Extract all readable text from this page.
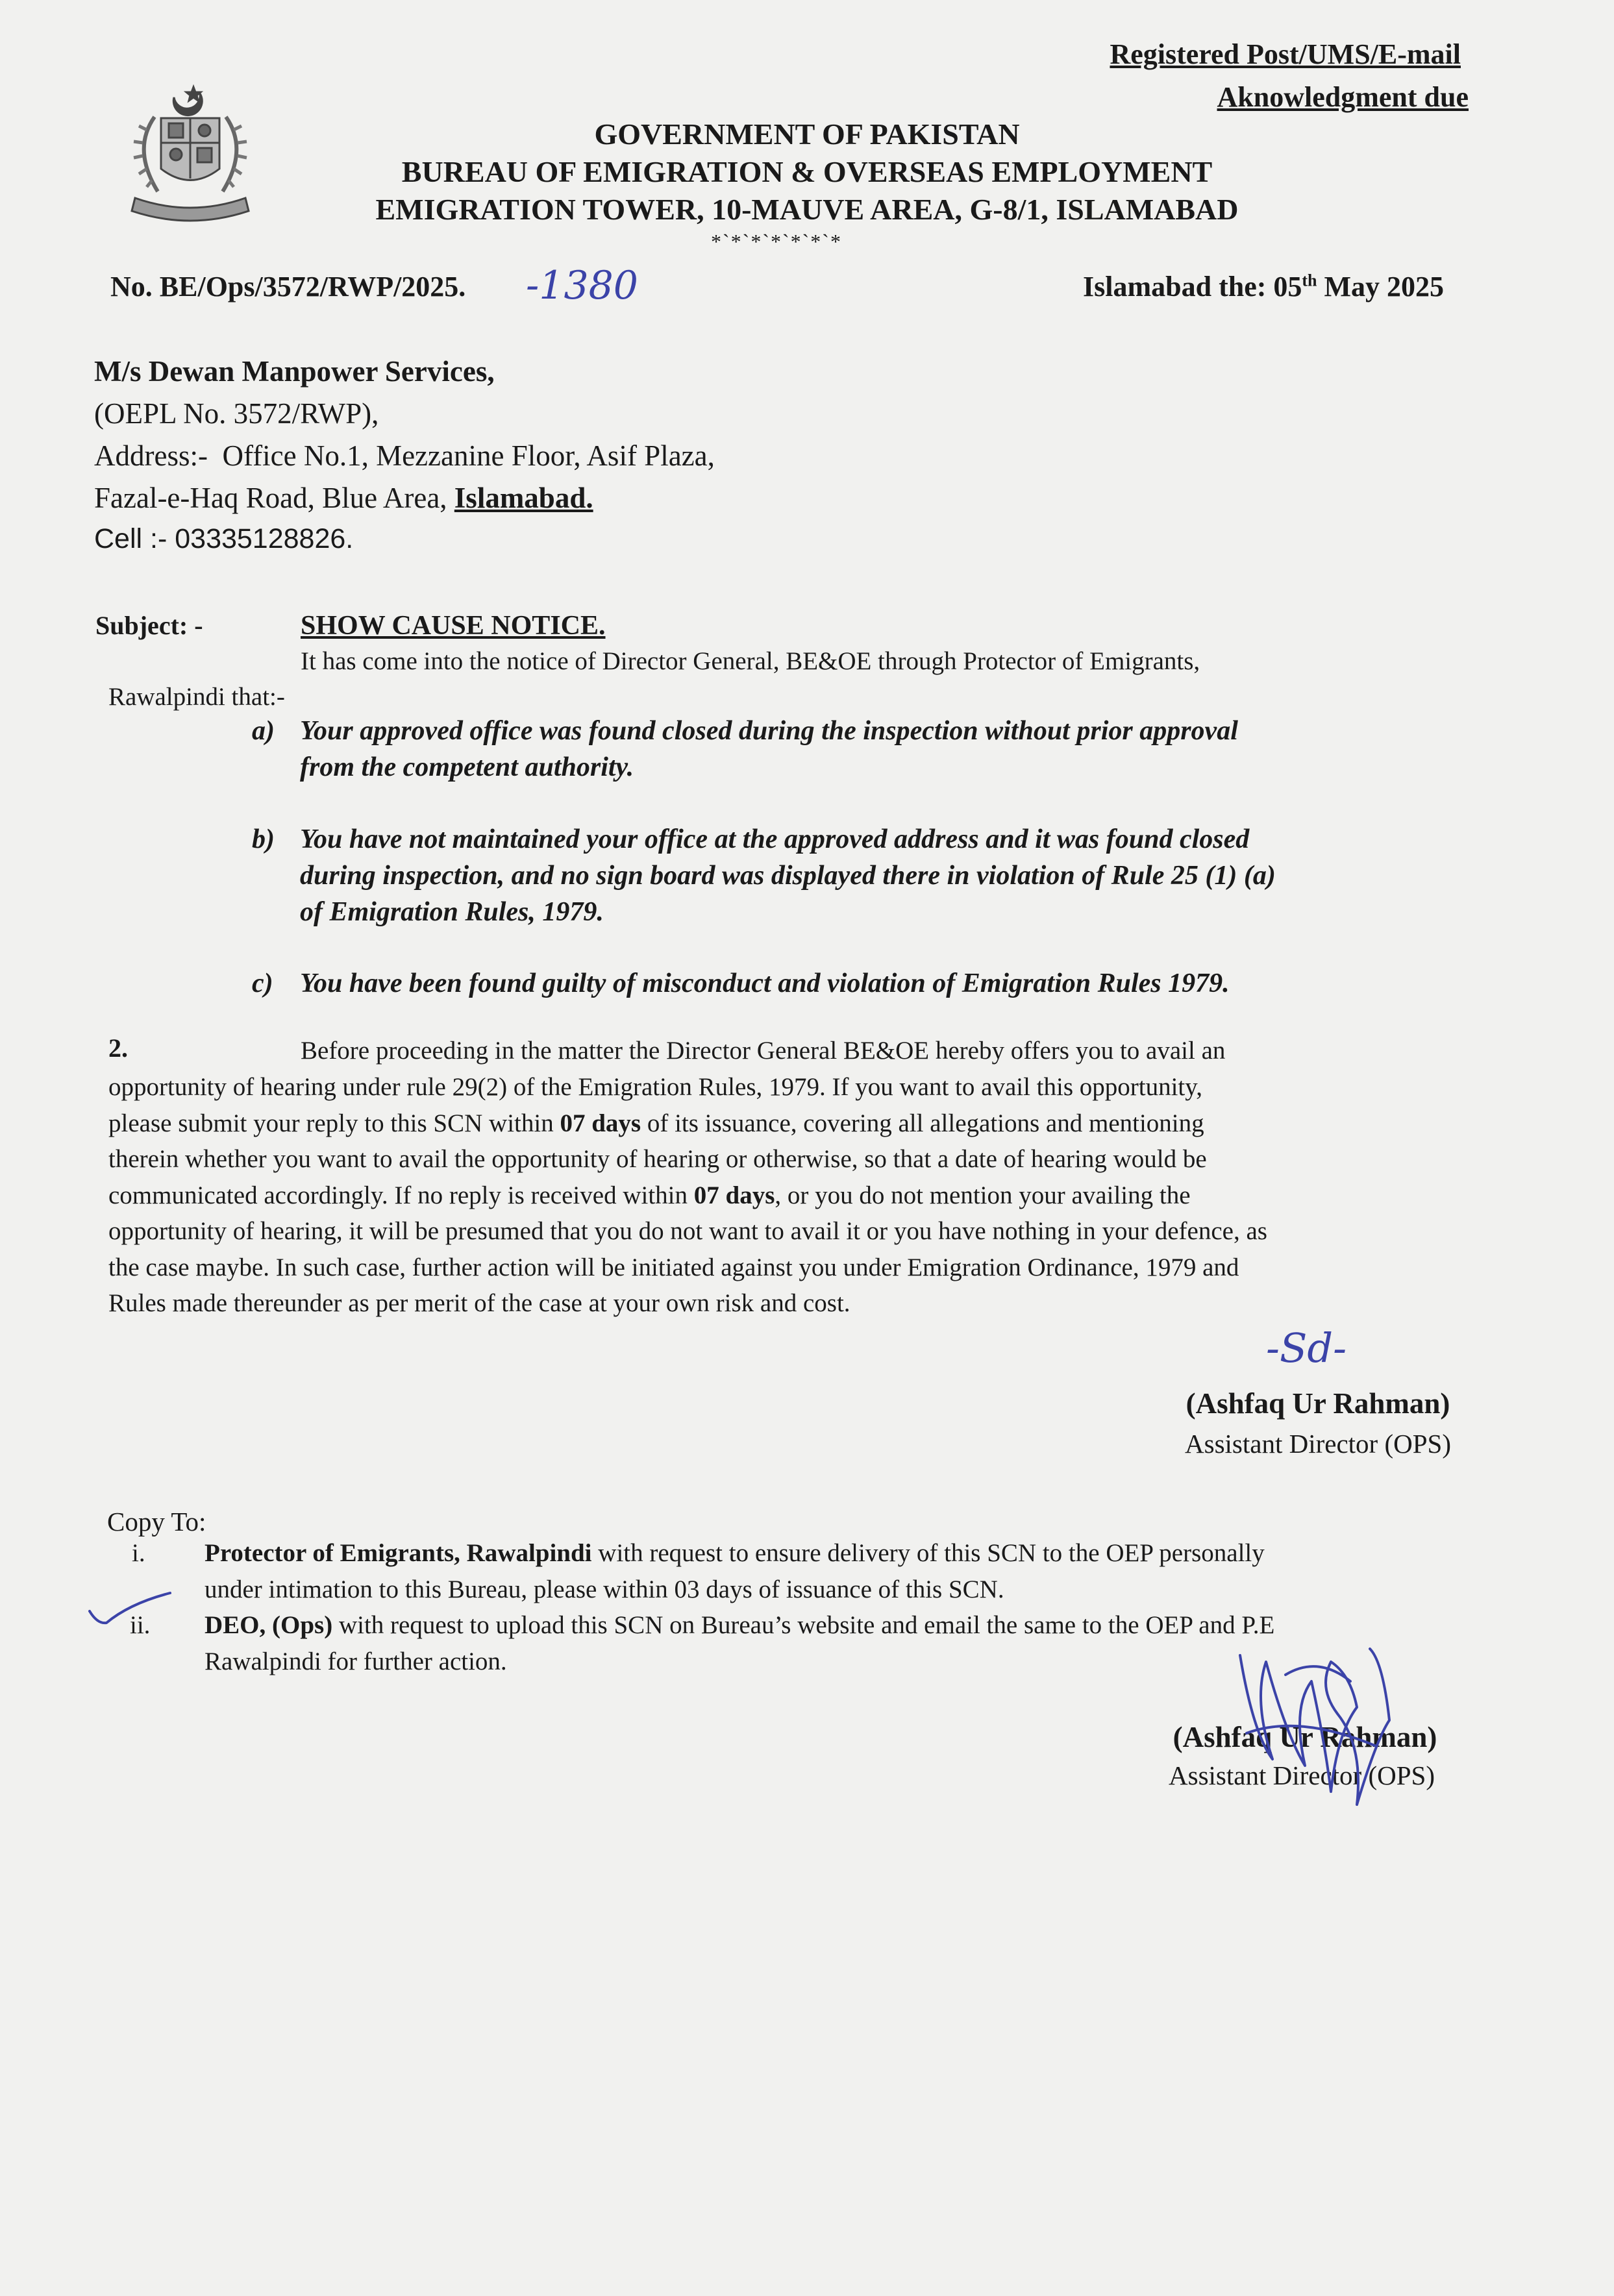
Registered Post/UMS/E-mail
Aknowledgment due
GOVERNMENT OF PAKISTAN
BUREAU OF EMIGRATION & OVERSEAS EMPLOYMENT
EMIGRATION TOWER, 10-MAUVE AREA, G-8/1, ISLAMABAD
*`*`*`*`*`*`*
No. BE/Ops/3572/RWP/2025. -1380	Islamabad the: 05th May 2025
M/s Dewan Manpower Services,
(OEPL No. 3572/RWP),
Address:- Office No.1, Mezzanine Floor, Asif Plaza,
Fazal-e-Haq Road, Blue Area, Islamabad.
Cell :- 03335128826.
Subject: -	SHOW CAUSE NOTICE.
It has come into the notice of Director General, BE&OE through Protector of Emigrants,
Rawalpindi that:-
a) Your approved office was found closed during the inspection without prior approval
from the competent authority.
b) You have not maintained your office at the approved address and it was found closed
during inspection, and no sign board was displayed there in violation of Rule 25 (1) (a)
of Emigration Rules, 1979.
c) You have been found guilty of misconduct and violation of Emigration Rules 1979.
2.	Before proceeding in the matter the Director General BE&OE hereby offers you to avail an

opportunity of hearing under rule 29(2) of the Emigration Rules, 1979. If you want to avail this opportunity,

please submit your reply to this SCN within 07 days of its issuance, covering all allegations and mentioning

therein whether you want to avail the opportunity of hearing or otherwise, so that a date of hearing would be

communicated accordingly. If no reply is received within 07 days, or you do not mention your availing the

opportunity of hearing, it will be presumed that you do not want to avail it or you have nothing in your defence, as

the case maybe. In such case, further action will be initiated against you under Emigration Ordinance, 1979 and

Rules made thereunder as per merit of the case at your own risk and cost.

-Sd-
(Ashfaq Ur Rahman)
Assistant Director (OPS)
Copy To:
i. Protector of Emigrants, Rawalpindi with request to ensure delivery of this SCN to the OEP personally

under intimation to this Bureau, please within 03 days of issuance of this SCN.

ii. DEO, (Ops) with request to upload this SCN on Bureau’s website and email the same to the OEP and P.E

Rawalpindi for further action.

(Ashfaq Ur Rahman)
Assistant Director (OPS)
